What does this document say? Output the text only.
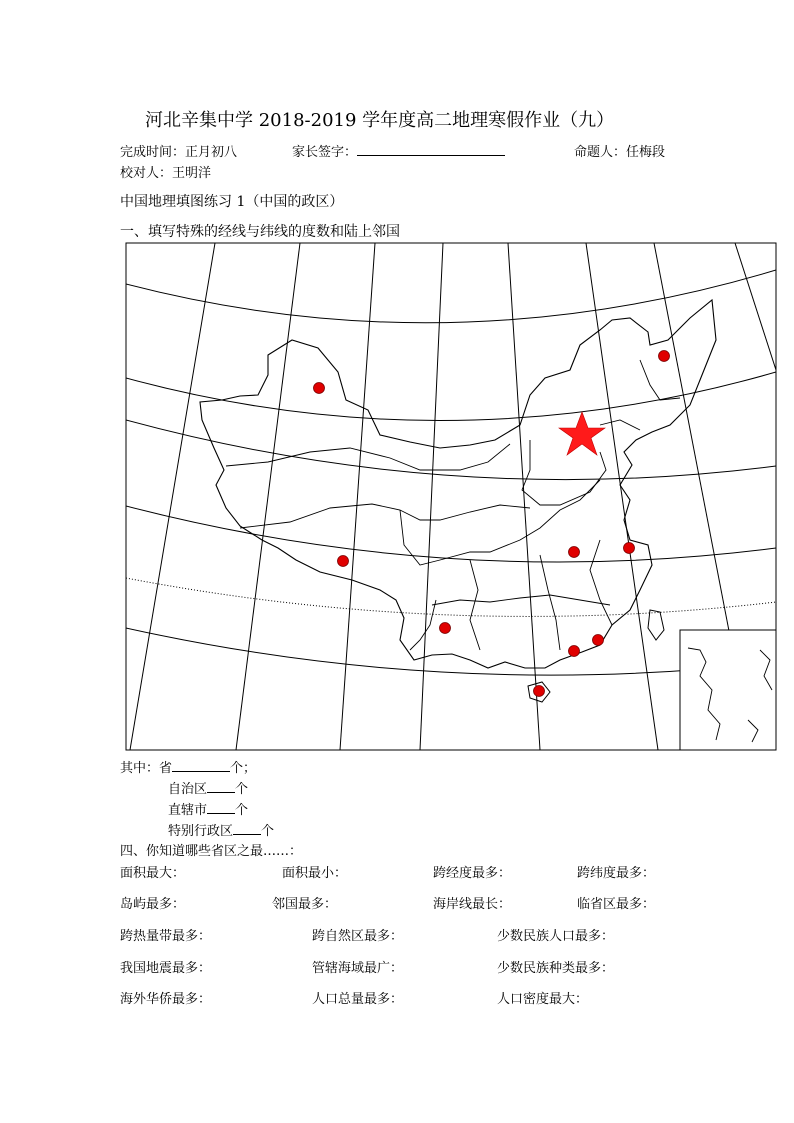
河北辛集中学 2018-2019 学年度高二地理寒假作业（九）
完成时间：正月初八	家长签字：	命题人：任梅段
校对人：王明洋
中国地理填图练习 1（中国的政区）
一、填写特殊的经线与纬线的度数和陆上邻国
其中：省	个；
自治区 个
直辖市 个
特别行政区 个
四、你知道哪些省区之最……：
面积最大：	面积最小：	跨经度最多：	跨纬度最多：
岛屿最多：	邻国最多：	海岸线最长：	临省区最多：
跨热量带最多：	跨自然区最多：	少数民族人口最多：
我国地震最多：	管辖海域最广：	少数民族种类最多：
海外华侨最多：	人口总量最多：	人口密度最大：
